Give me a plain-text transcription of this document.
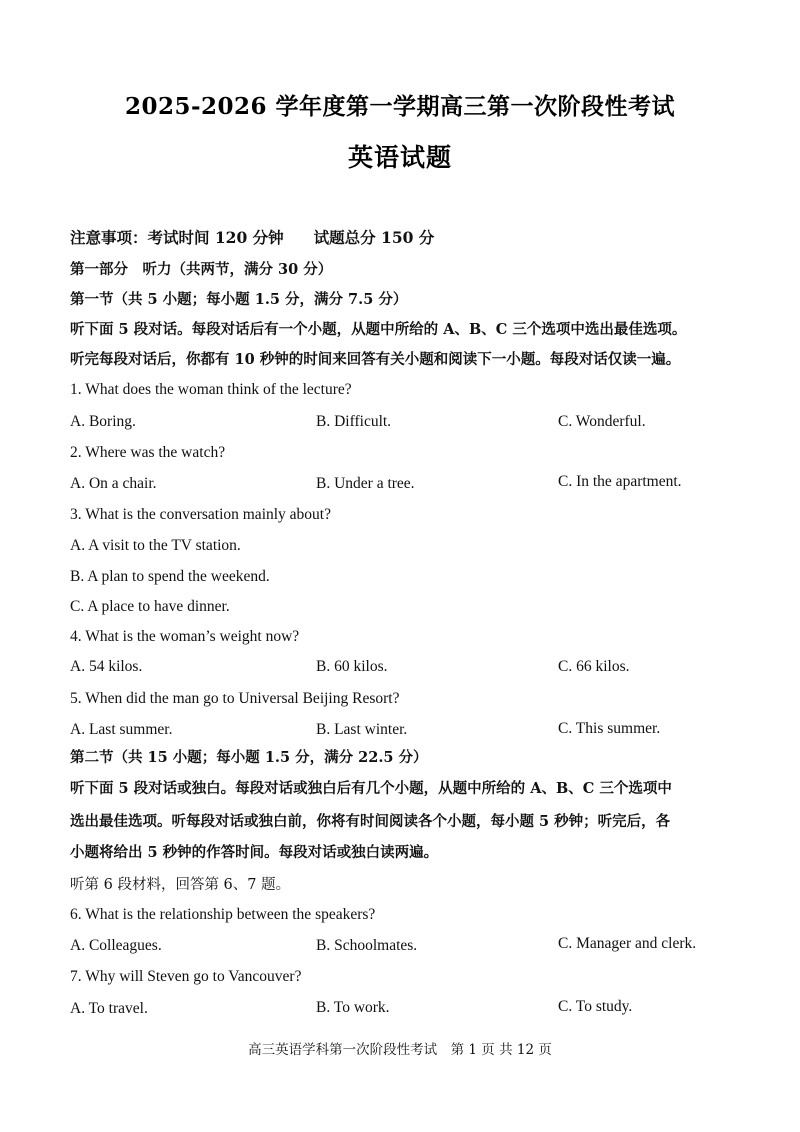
2025-2026 学年度第一学期高三第一次阶段性考试
英语试题
注意事项：考试时间 120 分钟 试题总分 150 分
第一部分　听力（共两节，满分 30 分）
第一节（共 5 小题；每小题 1.5 分，满分 7.5 分）
听下面 5 段对话。每段对话后有一个小题，从题中所给的 A、B、C 三个选项中选出最佳选项。
听完每段对话后，你都有 10 秒钟的时间来回答有关小题和阅读下一小题。每段对话仅读一遍。
1. What does the woman think of the lecture?
A. Boring.	B. Difficult.	C. Wonderful.
2. Where was the watch?
A. On a chair.	B. Under a tree.	C. In the apartment.
3. What is the conversation mainly about?
A. A visit to the TV station.
B. A plan to spend the weekend.
C. A place to have dinner.
4. What is the woman’s weight now?
A. 54 kilos.	B. 60 kilos.	C. 66 kilos.
5. When did the man go to Universal Beijing Resort?
A. Last summer.	B. Last winter.	C. This summer.
第二节（共 15 小题；每小题 1.5 分，满分 22.5 分）
听下面 5 段对话或独白。每段对话或独白后有几个小题，从题中所给的 A、B、C 三个选项中
选出最佳选项。听每段对话或独白前，你将有时间阅读各个小题，每小题 5 秒钟；听完后，各
小题将给出 5 秒钟的作答时间。每段对话或独白读两遍。
听第 6 段材料，回答第 6、7 题。
6. What is the relationship between the speakers?
A. Colleagues.	B. Schoolmates.	C. Manager and clerk.
7. Why will Steven go to Vancouver?
A. To travel.	B. To work.	C. To study.
高三英语学科第一次阶段性考试　第 1 页 共 12 页
